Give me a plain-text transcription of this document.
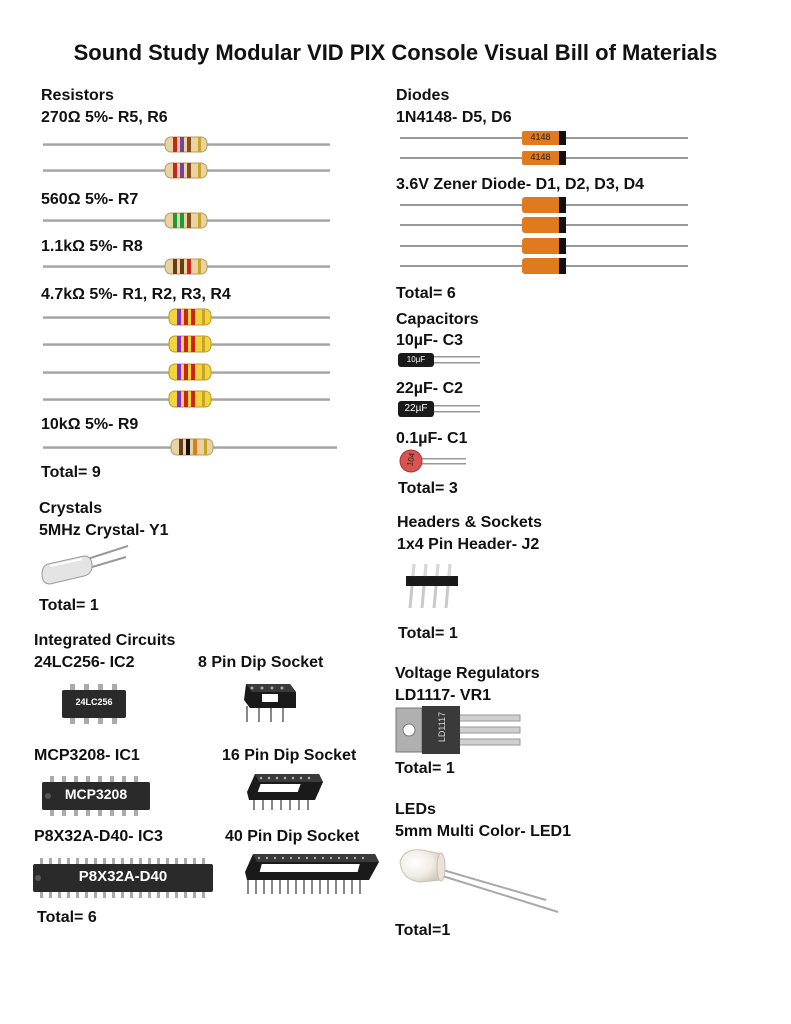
Sound Study Modular VID PIX Console Visual Bill of Materials
Resistors
270Ω 5%- R5, R6
560Ω 5%- R7
1.1kΩ 5%- R8
4.7kΩ 5%- R1, R2, R3, R4
10kΩ 5%- R9
Total= 9
Crystals
5MHz Crystal- Y1
Total= 1
Integrated Circuits
24LC256- IC2	8 Pin Dip Socket
24LC256
MCP3208- IC1	16 Pin Dip Socket
MCP3208
P8X32A-D40- IC3	40 Pin Dip Socket
P8X32A-D40
Total= 6
Diodes
1N4148- D5, D6
4148
4148
3.6V Zener Diode- D1, D2, D3, D4
Total= 6
Capacitors
10µF- C3
10µF
22µF- C2
22µF
0.1µF- C1
104
Total= 3
Headers & Sockets
1x4 Pin Header- J2
Total= 1
Voltage Regulators
LD1117- VR1
LD1117
Total= 1
LEDs
5mm Multi Color- LED1
Total=1
